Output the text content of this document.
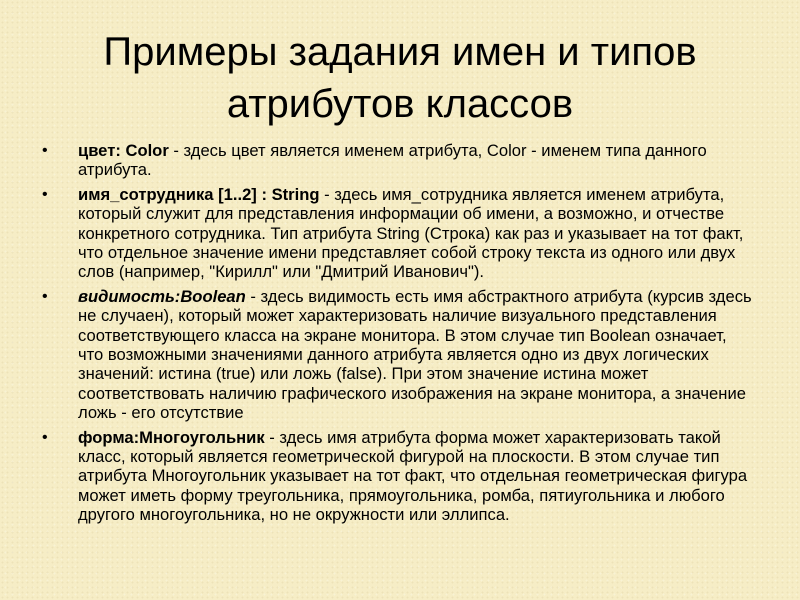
Примеры задания имен и типов
атрибутов классов
•	цвет: Color - здесь цвет является именем атрибута, Color - именем типа данного атрибута.
•	имя_сотрудника [1..2] : String - здесь имя_сотрудника является именем атрибута, который служит для представления информации об имени, а возможно, и отчестве конкретного сотрудника. Тип атрибута String (Строка) как раз и указывает на тот факт, что отдельное значение имени представляет собой строку текста из одного или двух слов (например, "Кирилл" или "Дмитрий Иванович").
•	видимость:Boolean - здесь видимость есть имя абстрактного атрибута (курсив здесь не случаен), который может характеризовать наличие визуального представления соответствующего класса на экране монитора. В этом случае тип Boolean означает, что возможными значениями данного атрибута является одно из двух логических значений: истина (true) или ложь (false). При этом значение истина может соответствовать наличию графического изображения на экране монитора, а значение ложь - его отсутствие
•	форма:Многоугольник - здесь имя атрибута форма может характеризовать такой класс, который является геометрической фигурой на плоскости. В этом случае тип атрибута Многоугольник указывает на тот факт, что отдельная геометрическая фигура может иметь форму треугольника, прямоугольника, ромба, пятиугольника и любого другого многоугольника, но не окружности или эллипса.
